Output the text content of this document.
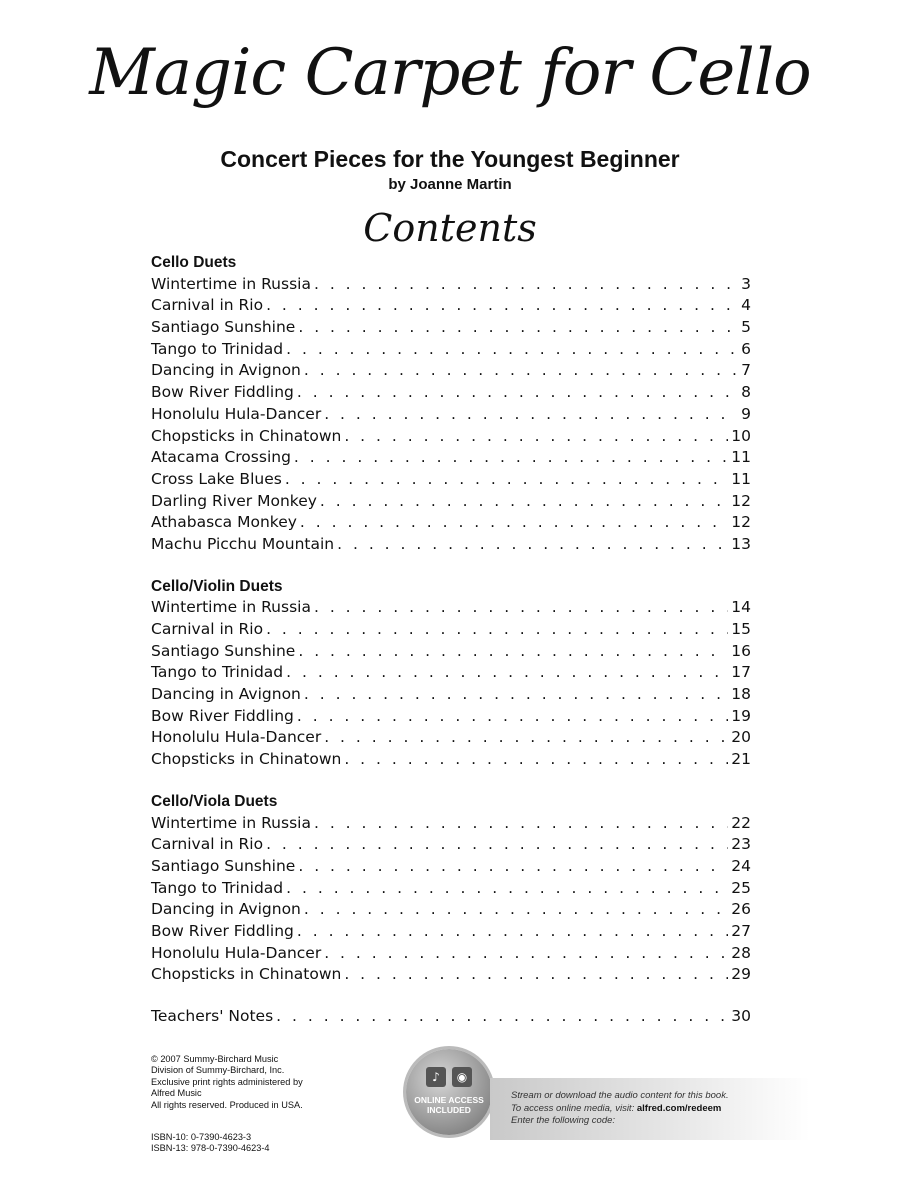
Magic Carpet for Cello
Concert Pieces for the Youngest Beginner
by Joanne Martin
Contents
Cello Duets
Wintertime in Russia . . .	3
Carnival in Rio . . .	4
Santiago Sunshine . . .	5
Tango to Trinidad . . .	6
Dancing in Avignon . . .	7
Bow River Fiddling . . .	8
Honolulu Hula-Dancer . . .	9
Chopsticks in Chinatown . . .	10
Atacama Crossing . . .	11
Cross Lake Blues . . .	11
Darling River Monkey . . .	12
Athabasca Monkey . . .	12
Machu Picchu Mountain . . .	13
Cello/Violin Duets
Wintertime in Russia . . .	14
Carnival in Rio . . .	15
Santiago Sunshine . . .	16
Tango to Trinidad . . .	17
Dancing in Avignon . . .	18
Bow River Fiddling . . .	19
Honolulu Hula-Dancer . . .	20
Chopsticks in Chinatown . . .	21
Cello/Viola Duets
Wintertime in Russia . . .	22
Carnival in Rio . . .	23
Santiago Sunshine . . .	24
Tango to Trinidad . . .	25
Dancing in Avignon . . .	26
Bow River Fiddling . . .	27
Honolulu Hula-Dancer . . .	28
Chopsticks in Chinatown . . .	29
Teachers' Notes . . .	30
© 2007 Summy-Birchard Music
Division of Summy-Birchard, Inc.
Exclusive print rights administered by
Alfred Music
All rights reserved. Produced in USA.
ISBN-10: 0-7390-4623-3
ISBN-13: 978-0-7390-4623-4
♪	◉
ONLINE ACCESS
INCLUDED
Stream or download the audio content for this book.
To access online media, visit: alfred.com/redeem
Enter the following code:
